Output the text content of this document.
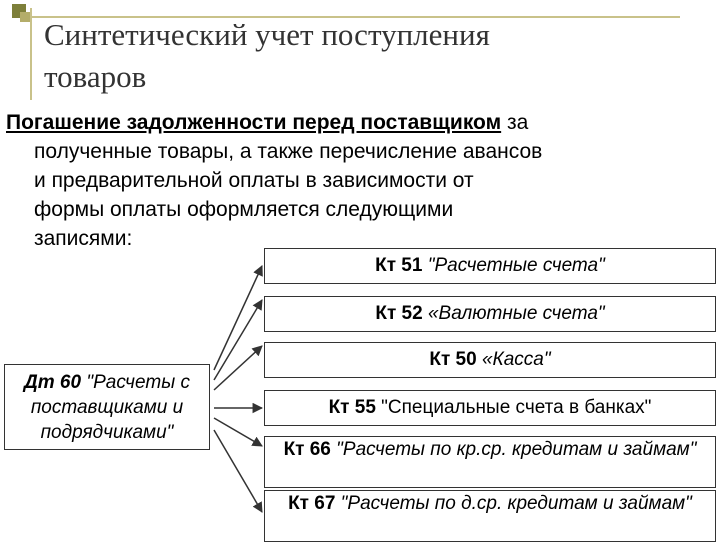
Синтетический учет поступления
товаров
Погашение задолженности перед поставщиком за
полученные товары, а также перечисление авансов
и предварительной оплаты в зависимости от
формы оплаты оформляется следующими
записями:
Дт 60 "Расчеты с поставщиками и подрядчиками"
Кт 51 "Расчетные счета"
Кт 52 «Валютные счета"
Кт 50 «Касса"
Кт 55 "Специальные счета в банках"
Кт 66 "Расчеты по кр.ср. кредитам и займам"
Кт 67 "Расчеты по д.ср. кредитам и займам"
